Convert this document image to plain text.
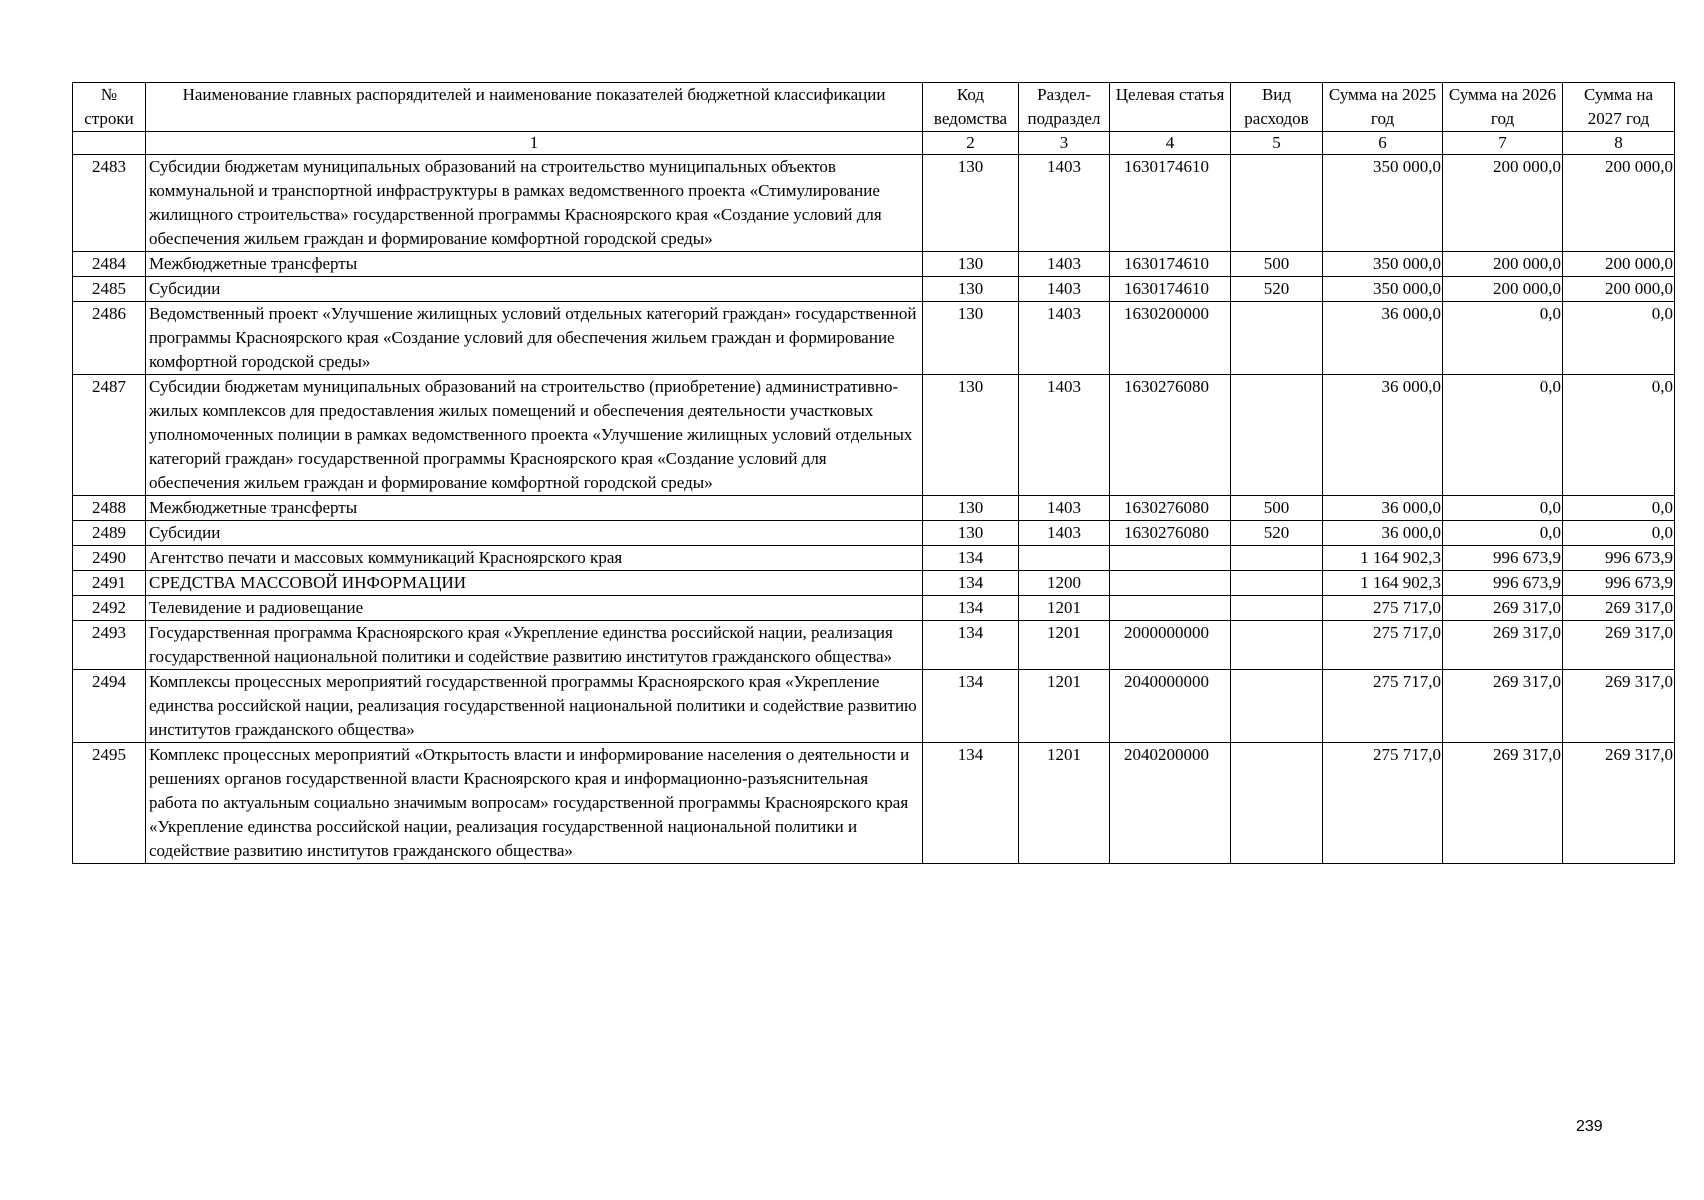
№ строки	Наименование главных распорядителей и наименование показателей бюджетной классификации	Код ведомства	Раздел-подраздел	Целевая статья	Вид расходов	Сумма на 2025 год	Сумма на 2026 год	Сумма на 2027 год
	1	2	3	4	5	6	7	8
2483	Субсидии бюджетам муниципальных образований на строительство муниципальных объектов коммунальной и транспортной инфраструктуры в рамках ведомственного проекта «Стимулирование жилищного строительства» государственной программы Красноярского края «Создание условий для обеспечения жильем граждан и формирование комфортной городской среды»	130	1403	1630174610		350 000,0	200 000,0	200 000,0
2484	Межбюджетные трансферты	130	1403	1630174610	500	350 000,0	200 000,0	200 000,0
2485	Субсидии	130	1403	1630174610	520	350 000,0	200 000,0	200 000,0
2486	Ведомственный проект «Улучшение жилищных условий отдельных категорий граждан» государственной программы Красноярского края «Создание условий для обеспечения жильем граждан и формирование комфортной городской среды»	130	1403	1630200000		36 000,0	0,0	0,0
2487	Субсидии бюджетам муниципальных образований на строительство (приобретение) административно-жилых комплексов для предоставления жилых помещений и обеспечения деятельности участковых уполномоченных полиции в рамках ведомственного проекта «Улучшение жилищных условий отдельных категорий граждан» государственной программы Красноярского края «Создание условий для обеспечения жильем граждан и формирование комфортной городской среды»	130	1403	1630276080		36 000,0	0,0	0,0
2488	Межбюджетные трансферты	130	1403	1630276080	500	36 000,0	0,0	0,0
2489	Субсидии	130	1403	1630276080	520	36 000,0	0,0	0,0
2490	Агентство печати и массовых коммуникаций Красноярского края	134				1 164 902,3	996 673,9	996 673,9
2491	СРЕДСТВА МАССОВОЙ ИНФОРМАЦИИ	134	1200			1 164 902,3	996 673,9	996 673,9
2492	Телевидение и радиовещание	134	1201			275 717,0	269 317,0	269 317,0
2493	Государственная программа Красноярского края «Укрепление единства российской нации, реализация государственной национальной политики и содействие развитию институтов гражданского общества»	134	1201	2000000000		275 717,0	269 317,0	269 317,0
2494	Комплексы процессных мероприятий государственной программы Красноярского края «Укрепление единства российской нации, реализация государственной национальной политики и содействие развитию институтов гражданского общества»	134	1201	2040000000		275 717,0	269 317,0	269 317,0
2495	Комплекс процессных мероприятий «Открытость власти и информирование населения о деятельности и решениях органов государственной власти Красноярского края и информационно-разъяснительная работа по актуальным социально значимым вопросам» государственной программы Красноярского края «Укрепление единства российской нации, реализация государственной национальной политики и содействие развитию институтов гражданского общества»	134	1201	2040200000		275 717,0	269 317,0	269 317,0
239
